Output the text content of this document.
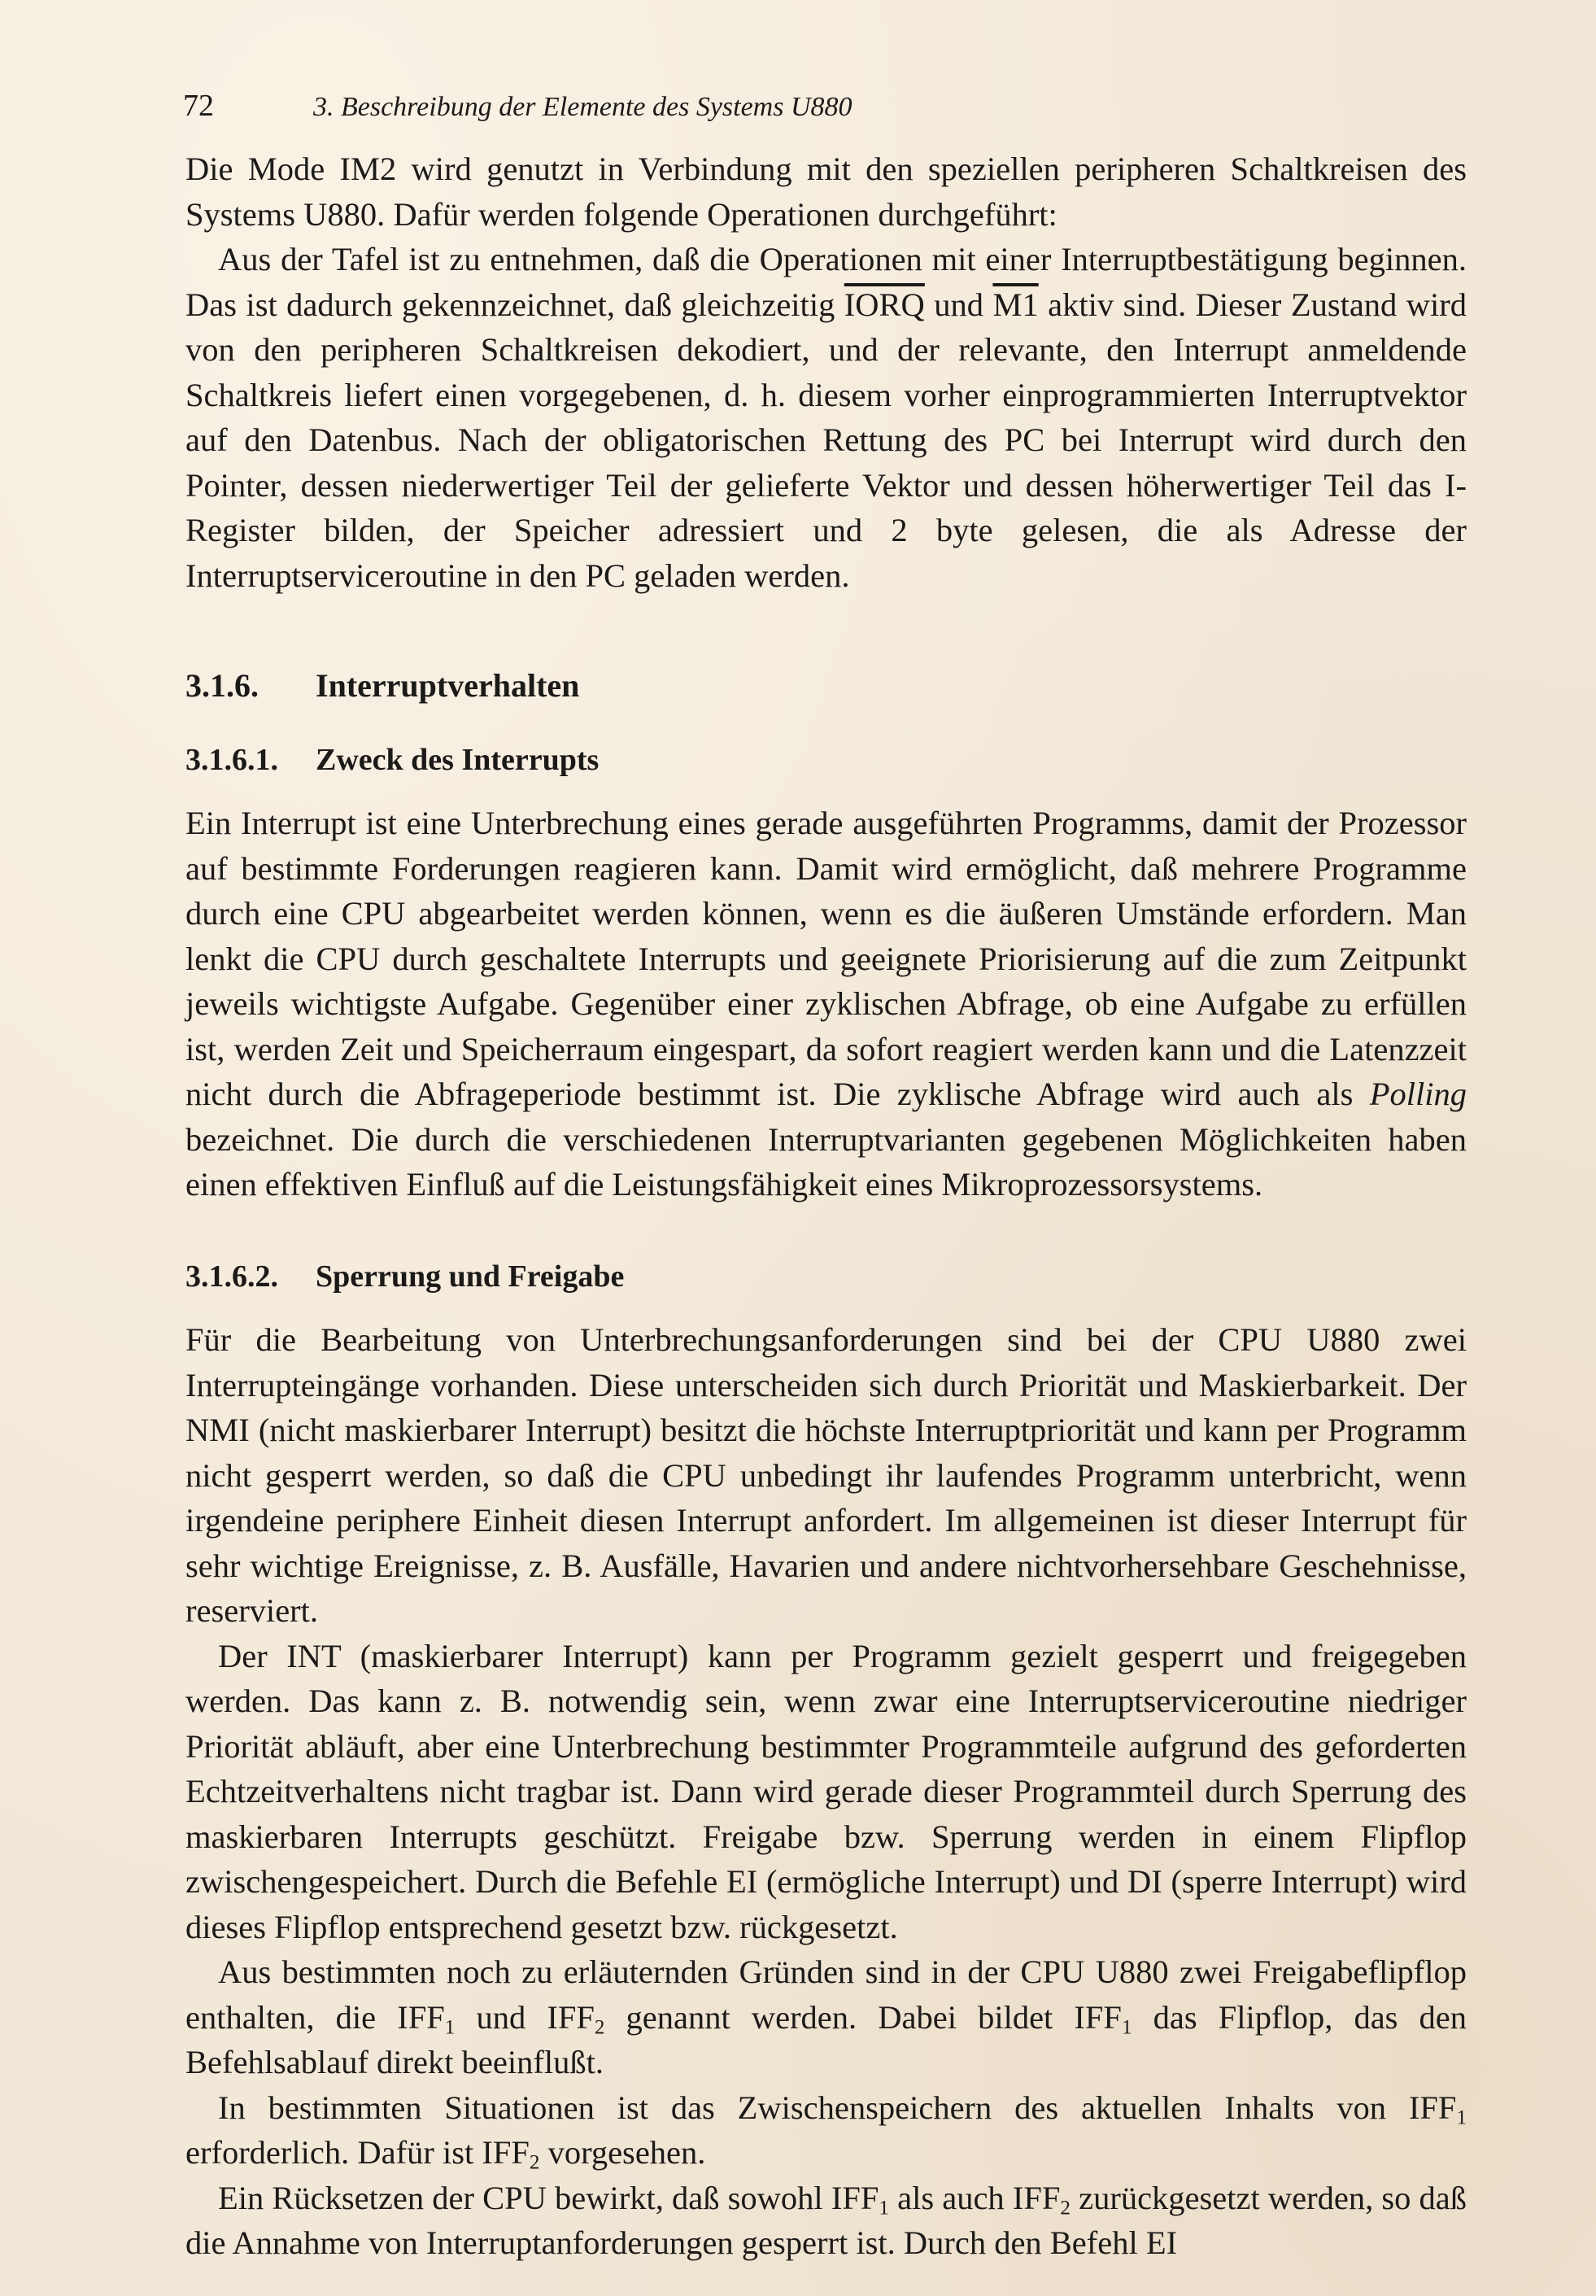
72	3. Beschreibung der Elemente des Systems U880

Die Mode IM2 wird genutzt in Verbindung mit den speziellen peripheren Schaltkreisen des Systems U880. Dafür werden folgende Operationen durchgeführt:

Aus der Tafel ist zu entnehmen, daß die Operationen mit einer Interruptbestätigung beginnen. Das ist dadurch gekennzeichnet, daß gleichzeitig IORQ und M1 aktiv sind. Dieser Zustand wird von den peripheren Schaltkreisen dekodiert, und der relevante, den Interrupt anmeldende Schaltkreis liefert einen vorgegebenen, d. h. diesem vorher einprogrammierten Interruptvektor auf den Datenbus. Nach der obligatorischen Rettung des PC bei Interrupt wird durch den Pointer, dessen niederwertiger Teil der gelieferte Vektor und dessen höherwertiger Teil das I-Register bilden, der Speicher adressiert und 2 byte gelesen, die als Adresse der Interruptserviceroutine in den PC geladen werden.

3.1.6. Interruptverhalten
3.1.6.1. Zweck des Interrupts

Ein Interrupt ist eine Unterbrechung eines gerade ausgeführten Programms, damit der Prozessor auf bestimmte Forderungen reagieren kann. Damit wird ermöglicht, daß mehrere Programme durch eine CPU abgearbeitet werden können, wenn es die äußeren Umstände erfordern. Man lenkt die CPU durch geschaltete Interrupts und geeignete Priorisierung auf die zum Zeitpunkt jeweils wichtigste Aufgabe. Gegenüber einer zyklischen Abfrage, ob eine Aufgabe zu erfüllen ist, werden Zeit und Speicherraum eingespart, da sofort reagiert werden kann und die Latenzzeit nicht durch die Abfrageperiode bestimmt ist. Die zyklische Abfrage wird auch als Polling bezeichnet. Die durch die verschiedenen Interruptvarianten gegebenen Möglichkeiten haben einen effektiven Einfluß auf die Leistungsfähigkeit eines Mikroprozessorsystems.

3.1.6.2. Sperrung und Freigabe

Für die Bearbeitung von Unterbrechungsanforderungen sind bei der CPU U880 zwei Interrupteingänge vorhanden. Diese unterscheiden sich durch Priorität und Maskierbarkeit. Der NMI (nicht maskierbarer Interrupt) besitzt die höchste Interruptpriorität und kann per Programm nicht gesperrt werden, so daß die CPU unbedingt ihr laufendes Programm unterbricht, wenn irgendeine periphere Einheit diesen Interrupt anfordert. Im allgemeinen ist dieser Interrupt für sehr wichtige Ereignisse, z. B. Ausfälle, Havarien und andere nichtvorhersehbare Geschehnisse, reserviert.

Der INT (maskierbarer Interrupt) kann per Programm gezielt gesperrt und freigegeben werden. Das kann z. B. notwendig sein, wenn zwar eine Interruptserviceroutine niedriger Priorität abläuft, aber eine Unterbrechung bestimmter Programmteile aufgrund des geforderten Echtzeitverhaltens nicht tragbar ist. Dann wird gerade dieser Programmteil durch Sperrung des maskierbaren Interrupts geschützt. Freigabe bzw. Sperrung werden in einem Flipflop zwischengespeichert. Durch die Befehle EI (ermögliche Interrupt) und DI (sperre Interrupt) wird dieses Flipflop entsprechend gesetzt bzw. rückgesetzt.

Aus bestimmten noch zu erläuternden Gründen sind in der CPU U880 zwei Freigabeflipflop enthalten, die $IFF_1$ und $IFF_2$ genannt werden. Dabei bildet $IFF_1$ das Flipflop, das den Befehlsablauf direkt beeinflußt.

In bestimmten Situationen ist das Zwischenspeichern des aktuellen Inhalts von $IFF_1$ erforderlich. Dafür ist $IFF_2$ vorgesehen.

Ein Rücksetzen der CPU bewirkt, daß sowohl $IFF_1$ als auch $IFF_2$ zurückgesetzt werden, so daß die Annahme von Interruptanforderungen gesperrt ist. Durch den Befehl EI
